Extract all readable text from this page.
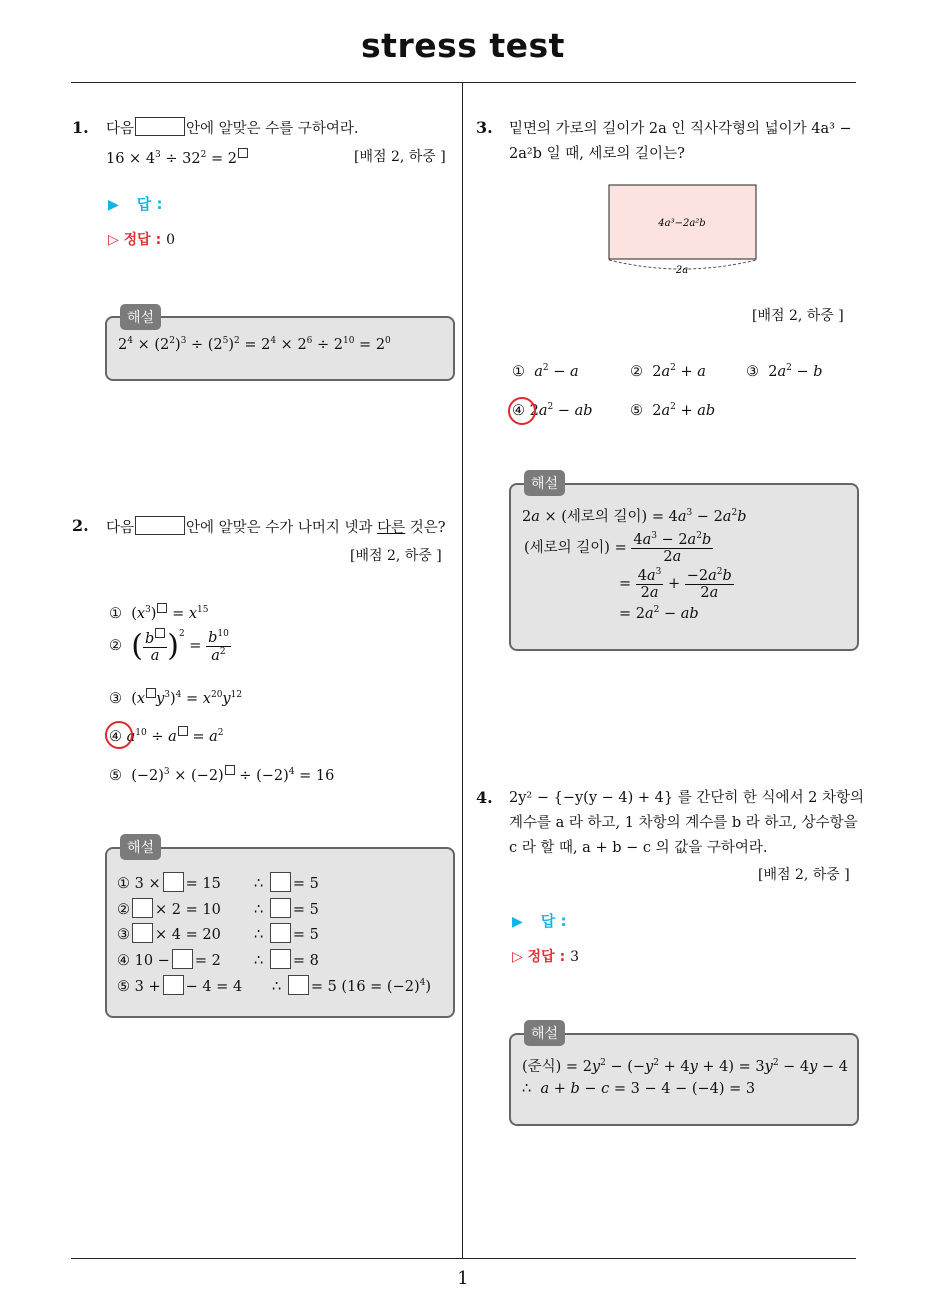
stress test
1
1. 다음	안에 알맞은 수를 구하여라.
$16 \times 4^3 \div 32^2 = 2$	[배점 2, 하중 ]
▶ 답 :
▷ 정답 : 0
해설
$2^4 \times (2^2)^3 \div (2^5)^2 = 2^4 \times 2^6 \div 2^{10} = 2^0$
2. 다음	안에 알맞은 수가 나머지 넷과 다른 것은?
[배점 2, 하중 ]
①  $(x^3) = x^{15}$
②  ( $\frac{b}{a} )^2 = \frac{b^{10}}{a^2}$
③  (x $y^3)^4 = x^{20}y^{12}$
④ $a^{10} \div a = a^2$
⑤  $(-2)^3 \times (-2) \div (-2)^4 = 16$
해설
① 3 × = 15 ∴ = 5
② × 2 = 10 ∴ = 5
③ × 4 = 20 ∴ = 5
④ 10 − = 2 ∴ = 8
⑤ 3 + − 4 = 4 ∴ = 5 $(16 = (-2)^4)$
3. 밑면의 가로의 길이가 2a 인 직사각형의 넓이가 4a³ −
2a²b 일 때, 세로의 길이는?
4a³−2a²b
2a
[배점 2, 하중 ]
①  $a^2 - a$	②  $2a^2 + a$	③  $2a^2 - b$
④ $2a^2$ − ab	⑤  $2a^2$ + ab
해설
2a × (세로의 길이) = $4a^3 - 2a^2b$
(세로의 길이) = $\frac{4a^3 - 2a^2b}{2a}$
= $\frac{4a^3}{2a} + \frac{-2a^2b}{2a}$
= $2a^2$ − ab
4. 2y² − {−y(y − 4) + 4} 를 간단히 한 식에서 2 차항의
계수를 a 라 하고, 1 차항의 계수를 b 라 하고, 상수항을
c 라 할 때, a + b − c 의 값을 구하여라.
[배점 2, 하중 ]
▶ 답 :
▷ 정답 : 3
해설
(준식) = $2y^2 - (-y^2 + 4y + 4) = 3y^2 - 4y - 4$
∴  a + b − c = 3 − 4 − (−4) = 3
